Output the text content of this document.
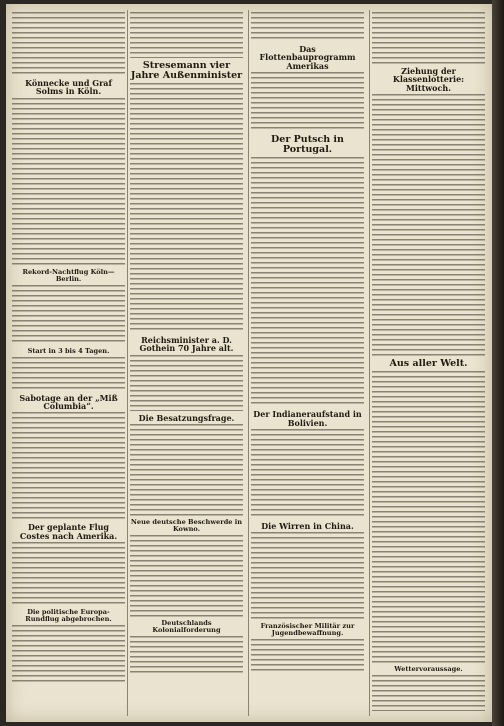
Könnecke und Graf Solms in Köln.
Rekord-Nachtflug Köln—Berlin.
Start in 3 bis 4 Tagen.
Sabotage an der „Miß Columbia“.
Der geplante Flug Costes nach Amerika.
Die politische Europa-Rundflug abgebrochen.
Stresemann vier Jahre Außenminister
Reichsminister a. D. Gothein 70 Jahre alt.
Die Besatzungsfrage.
Neue deutsche Beschwerde in Kowno.
Deutschlands Kolonialforderung
Das Flottenbauprogramm Amerikas
Der Putsch in Portugal.
Der Indianeraufstand in Bolivien.
Die Wirren in China.
Französischer Militär zur Jugendbewaffnung.
Ziehung der Klassenlotterie: Mittwoch.
Aus aller Welt.
Wettervoraussage.
